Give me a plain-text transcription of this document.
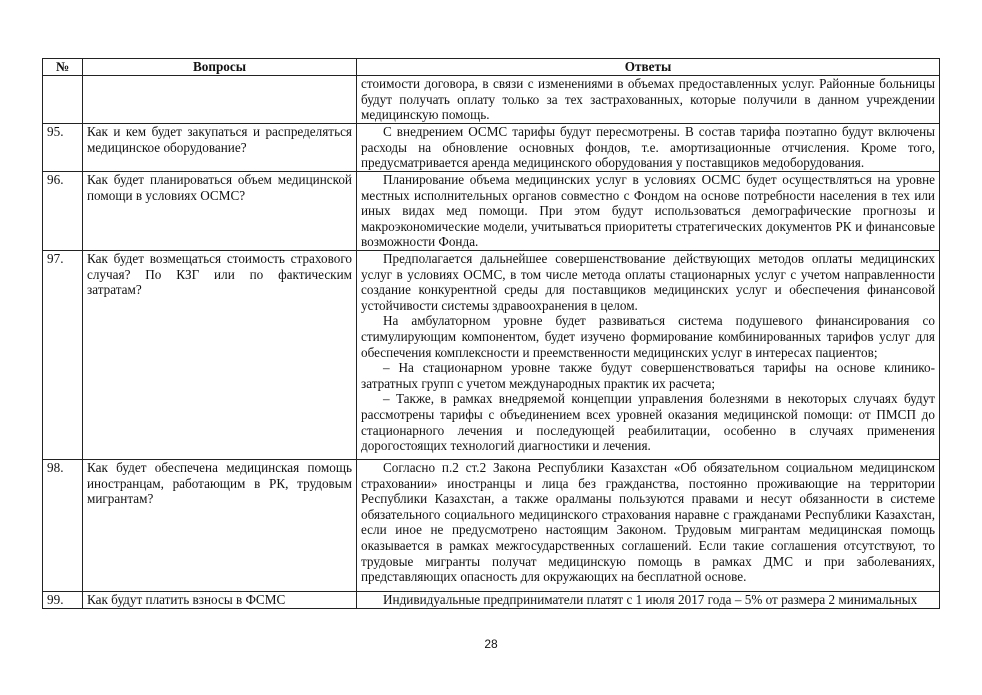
№	Вопросы	Ответы

		стоимости договора, в связи с изменениями в объемах предоставленных услуг. Районные больницы будут получать оплату только за тех застрахованных, которые получили в данном учреждении медицинскую помощь.

95.	Как и кем будет закупаться и распределяться медицинское оборудование?	С внедрением ОСМС тарифы будут пересмотрены. В состав тарифа поэтапно будут включены расходы на обновление основных фондов, т.е. амортизационные отчисления. Кроме того, предусматривается аренда медицинского оборудования у поставщиков медоборудования.

96.	Как будет планироваться объем медицинской помощи в условиях ОСМС?	Планирование объема медицинских услуг в условиях ОСМС будет осуществляться на уровне местных исполнительных органов совместно с Фондом на основе потребности населения в тех или иных видах мед помощи. При этом будут использоваться демографические прогнозы и макроэкономические модели, учитываться приоритеты стратегических документов РК и финансовые возможности Фонда.

97.	Как будет возмещаться стоимость страхового случая? По КЗГ или по фактическим затратам?	Предполагается дальнейшее совершенствование действующих методов оплаты медицинских услуг в условиях ОСМС, в том числе метода оплаты стационарных услуг с учетом направленности создание конкурентной среды для поставщиков медицинских услуг и обеспечения финансовой устойчивости системы здравоохранения в целом.

На амбулаторном уровне будет развиваться система подушевого финансирования со стимулирующим компонентом, будет изучено формирование комбинированных тарифов услуг для обеспечения комплексности и преемственности медицинских услуг в интересах пациентов;

– На стационарном уровне также будут совершенствоваться тарифы на основе клинико-затратных групп с учетом международных практик их расчета;

– Также, в рамках внедряемой концепции управления болезнями в некоторых случаях будут рассмотрены тарифы с объединением всех уровней оказания медицинской помощи: от ПМСП до стационарного лечения и последующей реабилитации, особенно в случаях применения дорогостоящих технологий диагностики и лечения.

98.	Как будет обеспечена медицинская помощь иностранцам, работающим в РК, трудовым мигрантам?	Согласно п.2 ст.2 Закона Республики Казахстан «Об обязательном социальном медицинском страховании» иностранцы и лица без гражданства, постоянно проживающие на территории Республики Казахстан, а также оралманы пользуются правами и несут обязанности в системе обязательного социального медицинского страхования наравне с гражданами Республики Казахстан, если иное не предусмотрено настоящим Законом. Трудовым мигрантам медицинская помощь оказывается в рамках межгосударственных соглашений. Если такие соглашения отсутствуют, то трудовые мигранты получат медицинскую помощь в рамках ДМС и при заболеваниях, представляющих опасность для окружающих на бесплатной основе.

99.	Как будут платить взносы в ФСМС	Индивидуальные предприниматели платят с 1 июля 2017 года – 5% от размера 2 минимальных

28
